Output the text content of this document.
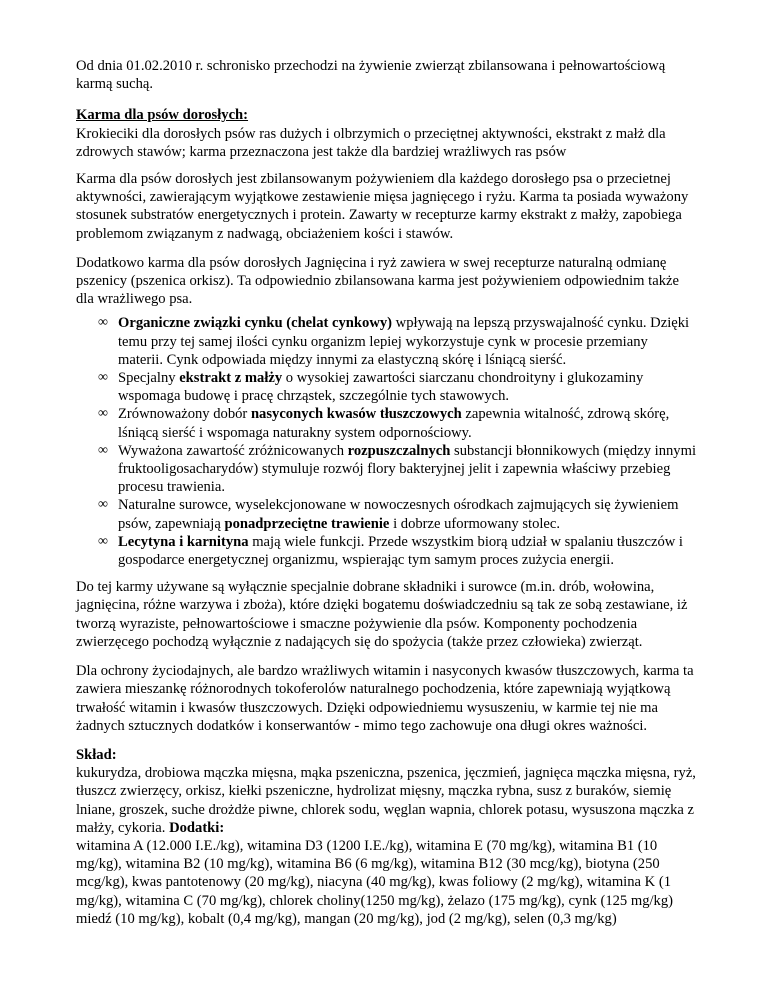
Od dnia 01.02.2010 r. schronisko przechodzi na żywienie zwierząt zbilansowana i pełnowartościową karmą suchą.

Karma dla psów dorosłych:
Krokieciki dla dorosłych psów ras dużych i olbrzymich o przeciętnej aktywności, ekstrakt z małż dla zdrowych stawów; karma przeznaczona jest także dla bardziej wrażliwych ras psów

Karma dla psów dorosłych jest zbilansowanym pożywieniem dla każdego dorosłego psa o przecietnej aktywności, zawierającym wyjątkowe zestawienie mięsa jagnięcego i ryżu. Karma ta posiada wyważony stosunek substratów energetycznych i protein. Zawarty w recepturze karmy ekstrakt z małży, zapobiega problemom związanym z nadwagą, obciażeniem kości i stawów.

Dodatkowo karma dla psów dorosłych Jagnięcina i ryż zawiera w swej recepturze naturalną odmianę pszenicy (pszenica orkisz). Ta odpowiednio zbilansowana karma jest pożywieniem odpowiednim także dla wrażliwego psa.

∞ Organiczne związki cynku (chelat cynkowy) wpływają na lepszą przyswajalność cynku. Dzięki temu przy tej samej ilości cynku organizm lepiej wykorzystuje cynk w procesie przemiany materii. Cynk odpowiada między innymi za elastyczną skórę i lśniącą sierść.
∞ Specjalny ekstrakt z małży o wysokiej zawartości siarczanu chondroityny i glukozaminy wspomaga budowę i pracę chrząstek, szczególnie tych stawowych.
∞ Zrównoważony dobór nasyconych kwasów tłuszczowych zapewnia witalność, zdrową skórę, lśniącą sierść i wspomaga naturakny system odpornościowy.
∞ Wyważona zawartość zróżnicowanych rozpuszczalnych substancji błonnikowych (między innymi fruktooligosacharydów) stymuluje rozwój flory bakteryjnej jelit i zapewnia właściwy przebieg procesu trawienia.
∞ Naturalne surowce, wyselekcjonowane w nowoczesnych ośrodkach zajmujących się żywieniem psów, zapewniają ponadprzeciętne trawienie i dobrze uformowany stolec.
∞ Lecytyna i karnityna mają wiele funkcji. Przede wszystkim biorą udział w spalaniu tłuszczów i gospodarce energetycznej organizmu, wspierając tym samym proces zużycia energii.

Do tej karmy używane są wyłącznie specjalnie dobrane składniki i surowce (m.in. drób, wołowina, jagnięcina, różne warzywa i zboża), które dzięki bogatemu doświadczedniu są tak ze sobą zestawiane, iż tworzą wyraziste, pełnowartościowe i smaczne pożywienie dla psów. Komponenty pochodzenia zwierzęcego pochodzą wyłącznie z nadających się do spożycia (także przez człowieka) zwierząt.

Dla ochrony życiodajnych, ale bardzo wrażliwych witamin i nasyconych kwasów tłuszczowych, karma ta zawiera mieszankę różnorodnych tokoferolów naturalnego pochodzenia, które zapewniają wyjątkową trwałość witamin i kwasów tłuszczowych. Dzięki odpowiedniemu wysuszeniu, w karmie tej nie ma żadnych sztucznych dodatków i konserwantów - mimo tego zachowuje ona długi okres ważności.

Skład:
kukurydza, drobiowa mączka mięsna, mąka pszeniczna, pszenica, jęczmień, jagnięca mączka mięsna, ryż, tłuszcz zwierzęcy, orkisz, kiełki pszeniczne, hydrolizat mięsny, mączka rybna, susz z buraków, siemię lniane, groszek, suche drożdże piwne, chlorek sodu, węglan wapnia, chlorek potasu, wysuszona mączka z małży, cykoria. Dodatki:
witamina A (12.000 I.E./kg), witamina D3 (1200 I.E./kg), witamina E (70 mg/kg), witamina B1 (10 mg/kg), witamina B2 (10 mg/kg), witamina B6 (6 mg/kg), witamina B12 (30 mcg/kg), biotyna (250 mcg/kg), kwas pantotenowy (20 mg/kg), niacyna (40 mg/kg), kwas foliowy (2 mg/kg), witamina K (1 mg/kg), witamina C (70 mg/kg), chlorek choliny(1250 mg/kg), żelazo (175 mg/kg), cynk (125 mg/kg) miedź (10 mg/kg), kobalt (0,4 mg/kg), mangan (20 mg/kg), jod (2 mg/kg), selen (0,3 mg/kg)
